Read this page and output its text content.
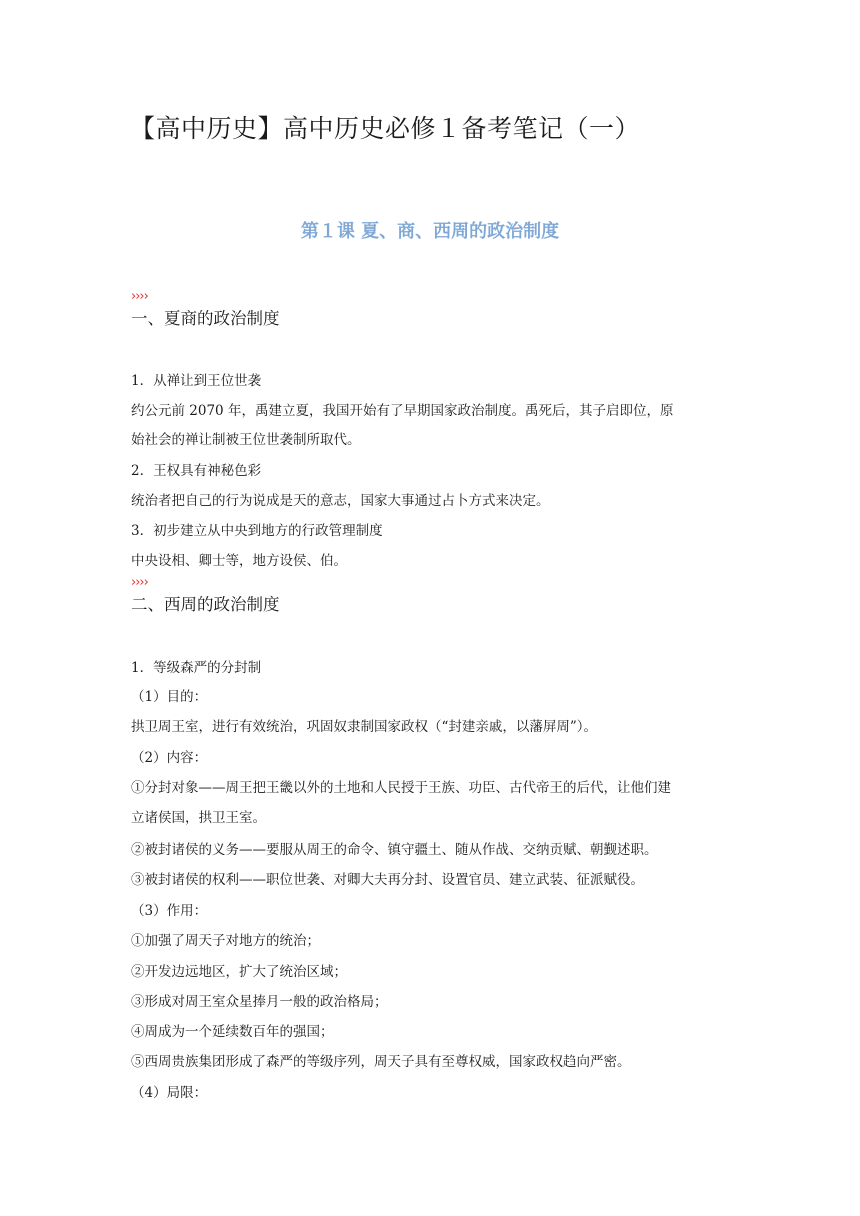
【高中历史】高中历史必修１备考笔记（一）
第１课 夏、商、西周的政治制度
››››
一、夏商的政治制度
1．从禅让到王位世袭
约公元前 2070 年，禹建立夏，我国开始有了早期国家政治制度。禹死后，其子启即位，原
始社会的禅让制被王位世袭制所取代。
2．王权具有神秘色彩
统治者把自己的行为说成是天的意志，国家大事通过占卜方式来决定。
3．初步建立从中央到地方的行政管理制度
中央设相、卿士等，地方设侯、伯。
››››
二、西周的政治制度
1．等级森严的分封制
（1）目的：
拱卫周王室，进行有效统治，巩固奴隶制国家政权（“封建亲戚，以藩屏周”）。
（2）内容：
①分封对象——周王把王畿以外的土地和人民授于王族、功臣、古代帝王的后代，让他们建
立诸侯国，拱卫王室。
②被封诸侯的义务——要服从周王的命令、镇守疆土、随从作战、交纳贡赋、朝觐述职。
③被封诸侯的权利——职位世袭、对卿大夫再分封、设置官员、建立武装、征派赋役。
（3）作用：
①加强了周天子对地方的统治；
②开发边远地区，扩大了统治区域；
③形成对周王室众星捧月一般的政治格局；
④周成为一个延续数百年的强国；
⑤西周贵族集团形成了森严的等级序列，周天子具有至尊权威，国家政权趋向严密。
（4）局限：
